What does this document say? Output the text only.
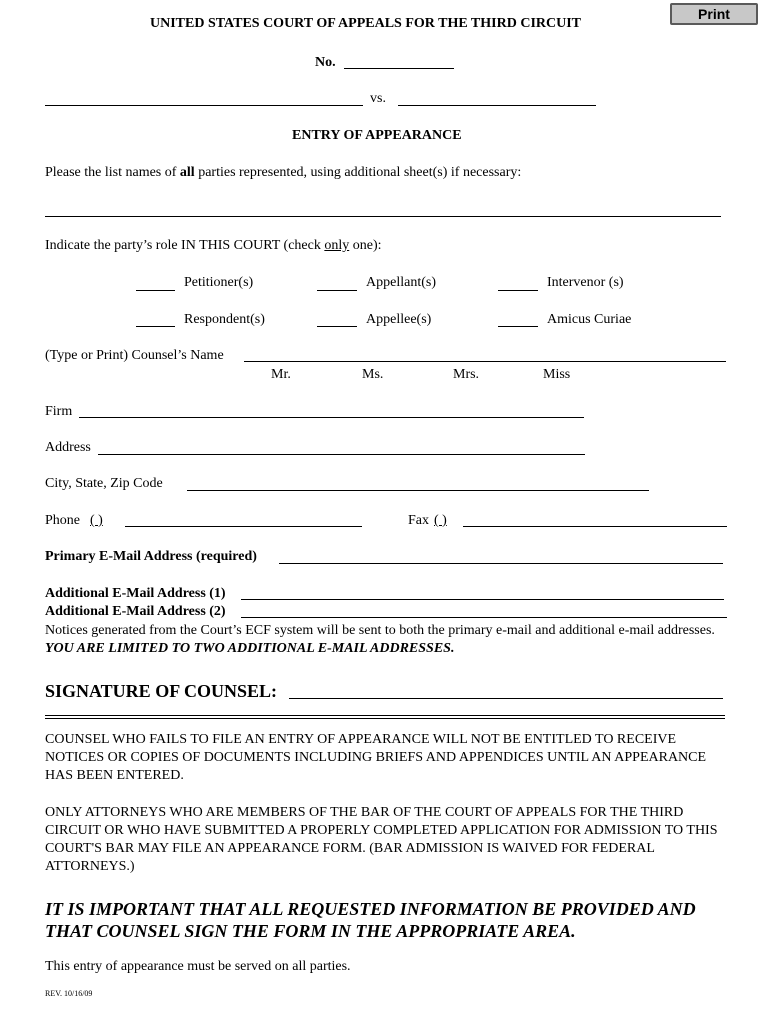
Print
UNITED STATES COURT OF APPEALS FOR THE THIRD CIRCUIT
No.
vs.
ENTRY OF APPEARANCE
Please the list names of all parties represented, using additional sheet(s) if necessary:
Indicate the party’s role IN THIS COURT (check only one):
Petitioner(s)	Appellant(s)	Intervenor (s)
Respondent(s)	Appellee(s)	Amicus Curiae
(Type or Print) Counsel’s Name
Mr.	Ms.	Mrs.	Miss
Firm
Address
City, State, Zip Code
Phone ( )	Fax ( )
Primary E-Mail Address (required)
Additional E-Mail Address (1)
Additional E-Mail Address (2)
Notices generated from the Court’s ECF system will be sent to both the primary e-mail and additional e-mail addresses. YOU ARE LIMITED TO TWO ADDITIONAL E-MAIL ADDRESSES.
SIGNATURE OF COUNSEL:
COUNSEL WHO FAILS TO FILE AN ENTRY OF APPEARANCE WILL NOT BE ENTITLED TO RECEIVE NOTICES OR COPIES OF DOCUMENTS INCLUDING BRIEFS AND APPENDICES UNTIL AN APPEARANCE HAS BEEN ENTERED.
ONLY ATTORNEYS WHO ARE MEMBERS OF THE BAR OF THE COURT OF APPEALS FOR THE THIRD CIRCUIT OR WHO HAVE SUBMITTED A PROPERLY COMPLETED APPLICATION FOR ADMISSION TO THIS COURT'S BAR MAY FILE AN APPEARANCE FORM. (BAR ADMISSION IS WAIVED FOR FEDERAL ATTORNEYS.)
IT IS IMPORTANT THAT ALL REQUESTED INFORMATION BE PROVIDED AND THAT COUNSEL SIGN THE FORM IN THE APPROPRIATE AREA.
This entry of appearance must be served on all parties.
REV. 10/16/09
